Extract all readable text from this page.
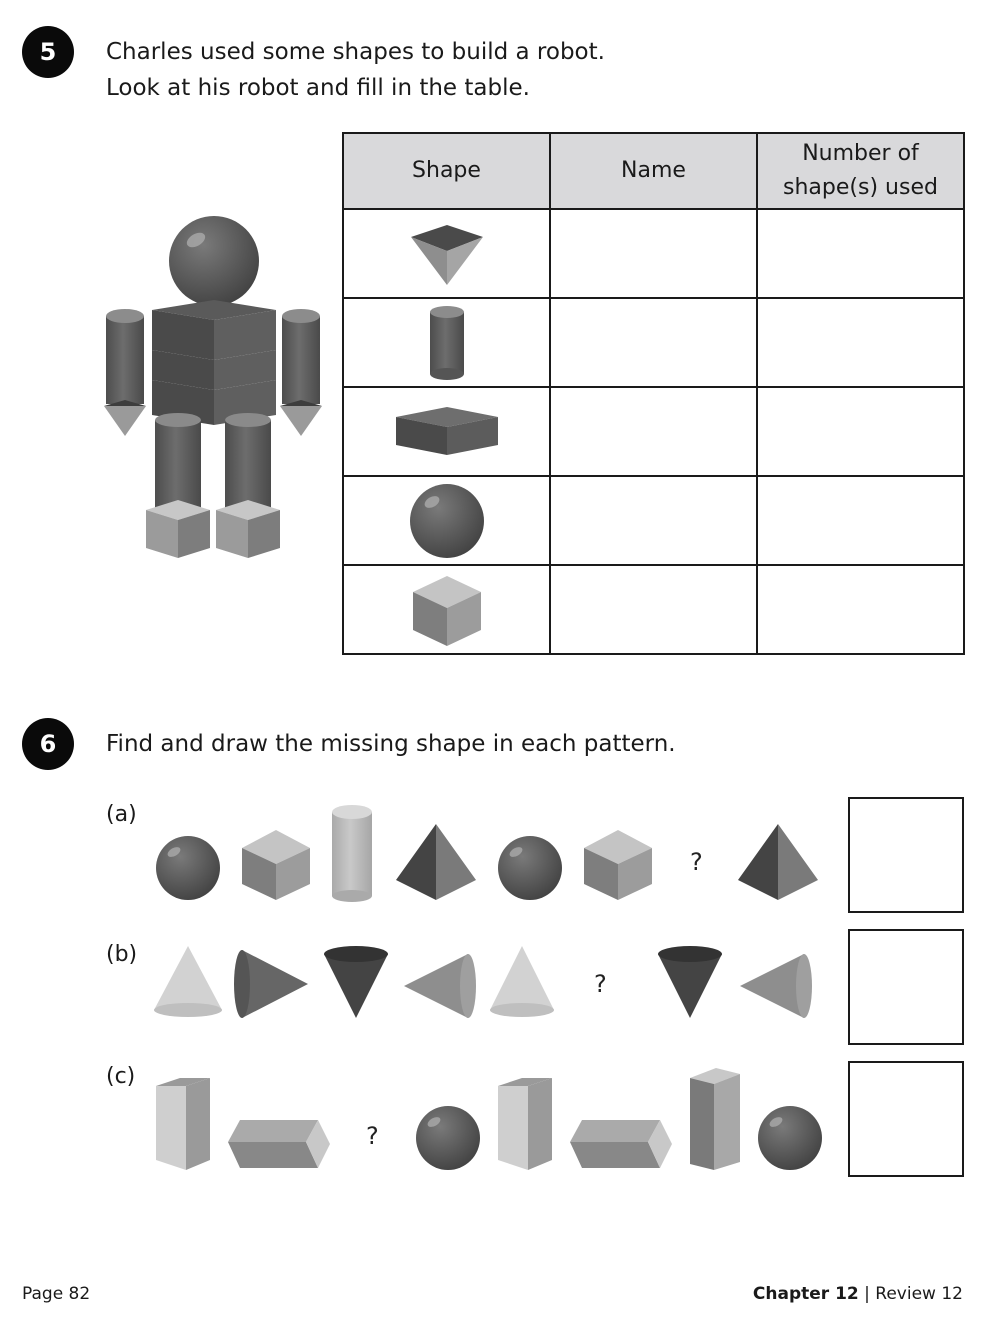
5	Charles used some shapes to build a robot.
Look at his robot and fill in the table.
Shape	Name	Number of
shape(s) used

6	Find and draw the missing shape in each pattern.
(a)
?
(b)
?
(c)
?
Page 82	Chapter 12 | Review 12
